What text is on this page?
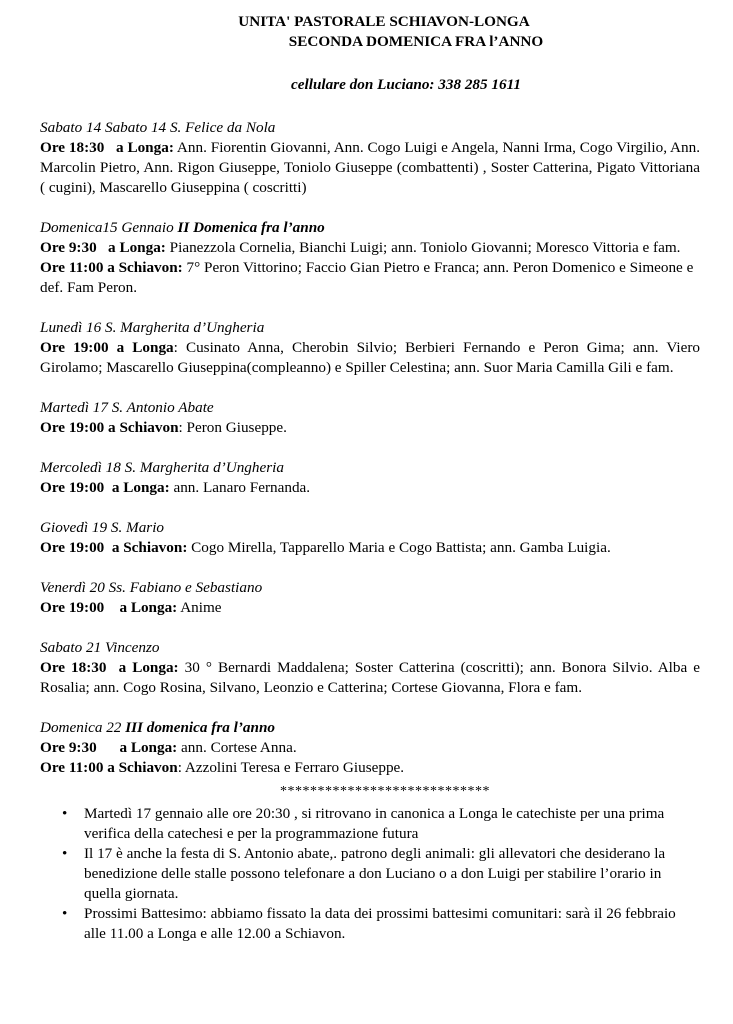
UNITA' PASTORALE SCHIAVON-LONGA
SECONDA DOMENICA FRA l’ANNO
cellulare don Luciano: 338 285 1611
Sabato 14 Sabato 14 S. Felice da Nola
Ore 18:30   a Longa: Ann. Fiorentin Giovanni, Ann. Cogo Luigi e Angela, Nanni Irma, Cogo Virgilio, Ann. Marcolin Pietro, Ann. Rigon Giuseppe, Toniolo Giuseppe (combattenti) , Soster Catterina, Pigato Vittoriana ( cugini), Mascarello Giuseppina ( coscritti)
Domenica15 Gennaio II Domenica fra l’anno
Ore 9:30   a Longa: Pianezzola Cornelia, Bianchi Luigi; ann. Toniolo Giovanni; Moresco Vittoria e fam.
Ore 11:00 a Schiavon: 7° Peron Vittorino; Faccio Gian Pietro e Franca; ann. Peron Domenico e Simeone e def. Fam Peron.
Lunedì 16 S. Margherita d’Ungheria
Ore 19:00 a Longa: Cusinato Anna, Cherobin Silvio; Berbieri Fernando e Peron Gima; ann. Viero Girolamo; Mascarello Giuseppina(compleanno) e Spiller Celestina; ann. Suor Maria Camilla Gili e fam.
Martedì 17 S. Antonio Abate
Ore 19:00 a Schiavon: Peron Giuseppe.
Mercoledì 18 S. Margherita d’Ungheria
Ore 19:00  a Longa: ann. Lanaro Fernanda.
Giovedì 19 S. Mario
Ore 19:00  a Schiavon: Cogo Mirella, Tapparello Maria e Cogo Battista; ann. Gamba Luigia.
Venerdì 20 Ss. Fabiano e Sebastiano
Ore 19:00    a Longa: Anime
Sabato 21 Vincenzo
Ore 18:30  a Longa: 30 ° Bernardi Maddalena; Soster Catterina (coscritti); ann. Bonora Silvio. Alba e Rosalia; ann. Cogo Rosina, Silvano, Leonzio e Catterina; Cortese Giovanna, Flora e fam.
Domenica 22 III domenica fra l’anno
Ore 9:30      a Longa: ann. Cortese Anna.
Ore 11:00 a Schiavon: Azzolini Teresa e Ferraro Giuseppe.
****************************
• Martedì 17 gennaio alle ore 20:30 , si ritrovano in canonica a Longa le catechiste per una prima verifica della catechesi e per la programmazione futura
• Il 17 è anche la festa di S. Antonio abate,. patrono degli animali: gli allevatori che desiderano la benedizione delle stalle possono telefonare a don Luciano o a don Luigi per stabilire l’orario in quella giornata.
• Prossimi Battesimo: abbiamo fissato la data dei prossimi battesimi comunitari: sarà il 26 febbraio alle 11.00 a Longa e alle 12.00 a Schiavon.
